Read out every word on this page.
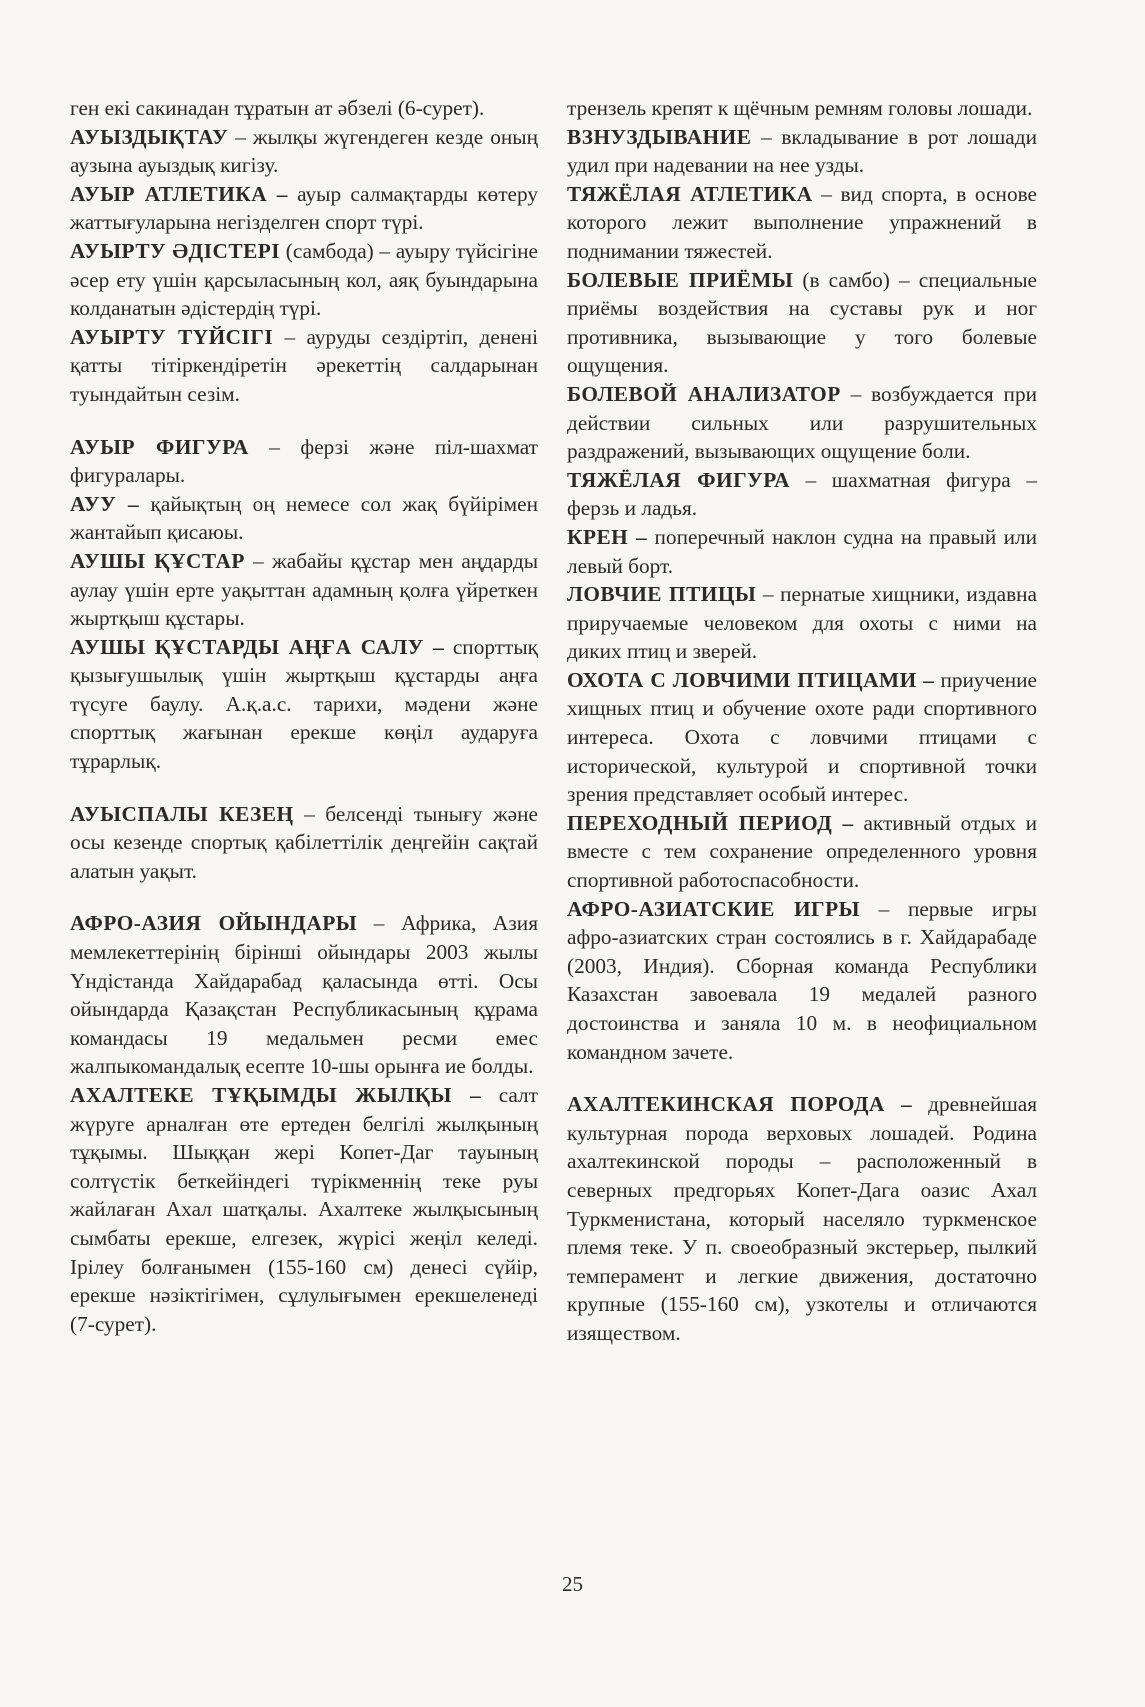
ген екі сакинадан тұратын ат әбзелі (6-сурет).

АУЫЗДЫҚТАУ – жылқы жүгендеген кезде оның аузына ауыздық кигізу.

АУЫР АТЛЕТИКА – ауыр салмақтарды көтеру жаттығуларына негізделген спорт түрі.

АУЫРТУ ӘДІСТЕРІ (самбода) – ауыру түйсігіне әсер ету үшін қарсыласының кол, аяқ буындарына колданатын әдістердің түрі.

АУЫРТУ ТҮЙСІГІ – ауруды сездіртіп, денені қатты тітіркендіретін әрекеттің салдарынан туындайтын сезім.

АУЫР ФИГУРА – ферзі және піл-шахмат фигуралары.

АУУ – қайықтың оң немесе сол жақ бүйірімен жантайып қисаюы.

АУШЫ ҚҰСТАР – жабайы құстар мен аңдарды аулау үшін ерте уақыттан адамның қолға үйреткен жыртқыш құстары.

АУШЫ ҚҰСТАРДЫ АҢҒА САЛУ – спорттық қызығушылық үшін жыртқыш құстарды аңға түсуге баулу. А.қ.а.с. тарихи, мәдени және спорттық жағынан ерекше көңіл аударуға тұрарлық.

АУЫСПАЛЫ КЕЗЕҢ – белсенді тынығу және осы кезенде спортық қабілеттілік деңгейін сақтай алатын уақыт.

АФРО-АЗИЯ ОЙЫНДАРЫ – Африка, Азия мемлекеттерінің бірінші ойындары 2003 жылы Үндістанда Хайдарабад қаласында өтті. Осы ойындарда Қазақстан Республикасының құрама командасы 19 медальмен ресми емес жалпыкомандалық есепте 10-шы орынға ие болды.

АХАЛТЕКЕ ТҰҚЫМДЫ ЖЫЛҚЫ – салт жүруге арналған өте ертеден белгілі жылқының тұқымы. Шыққан жері Копет-Даг тауының солтүстік беткейіндегі түрікменнің теке руы жайлаған Ахал шатқалы. Ахалтеке жылқысының сымбаты ерекше, елгезек, жүрісі жеңіл келеді. Ірілеу болғанымен (155-160 см) денесі сүйір, ерекше нәзіктігімен, сұлулығымен ерекшеленеді (7-сурет).

трензель крепят к щёчным ремням головы лошади.

ВЗНУЗДЫВАНИЕ – вкладывание в рот лошади удил при надевании на нее узды.

ТЯЖЁЛАЯ АТЛЕТИКА – вид спорта, в основе которого лежит выполнение упражнений в поднимании тяжестей.

БОЛЕВЫЕ ПРИЁМЫ (в самбо) – специальные приёмы воздействия на суставы рук и ног противника, вызывающие у того болевые ощущения.

БОЛЕВОЙ АНАЛИЗАТОР – возбуждается при действии сильных или разрушительных раздражений, вызывающих ощущение боли.

ТЯЖЁЛАЯ ФИГУРА – шахматная фигура – ферзь и ладья.

КРЕН – поперечный наклон судна на правый или левый борт.

ЛОВЧИЕ ПТИЦЫ – пернатые хищники, издавна приручаемые человеком для охоты с ними на диких птиц и зверей.

ОХОТА С ЛОВЧИМИ ПТИЦАМИ – приучение хищных птиц и обучение охоте ради спортивного интереса. Охота с ловчими птицами с исторической, культурой и спортивной точки зрения представляет особый интерес.

ПЕРЕХОДНЫЙ ПЕРИОД – активный отдых и вместе с тем сохранение определенного уровня спортивной работоспасобности.

АФРО-АЗИАТСКИЕ ИГРЫ – первые игры афро-азиатских стран состоялись в г. Хайдарабаде (2003, Индия). Сборная команда Республики Казахстан завоевала 19 медалей разного достоинства и заняла 10 м. в неофициальном командном зачете.

АХАЛТЕКИНСКАЯ ПОРОДА – древнейшая культурная порода верховых лошадей. Родина ахалтекинской породы – расположенный в северных предгорьях Копет-Дага оазис Ахал Туркменистана, который населяло туркменское племя теке. У п. своеобразный экстерьер, пылкий темперамент и легкие движения, достаточно крупные (155-160 см), узкотелы и отличаются изяществом.

25
